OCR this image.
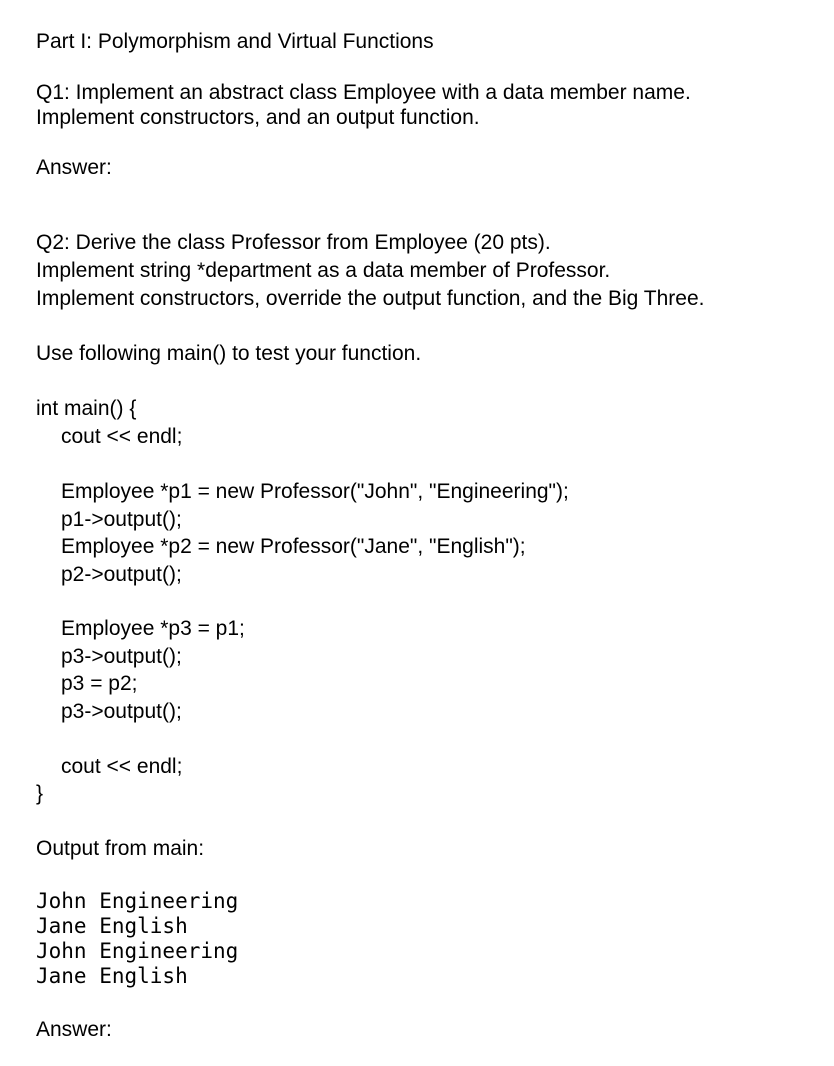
Part I: Polymorphism and Virtual Functions

Q1: Implement an abstract class Employee with a data member name.

Implement constructors, and an output function.

Answer:

Q2: Derive the class Professor from Employee (20 pts).

Implement string *department as a data member of Professor.

Implement constructors, override the output function, and the Big Three.

Use following main() to test your function.

int main() {

cout << endl;

Employee *p1 = new Professor("John", "Engineering");

p1->output();

Employee *p2 = new Professor("Jane", "English");

p2->output();

Employee *p3 = p1;

p3->output();

p3 = p2;

p3->output();

cout << endl;

}

Output from main:

John Engineering

Jane English

John Engineering

Jane English

Answer:
